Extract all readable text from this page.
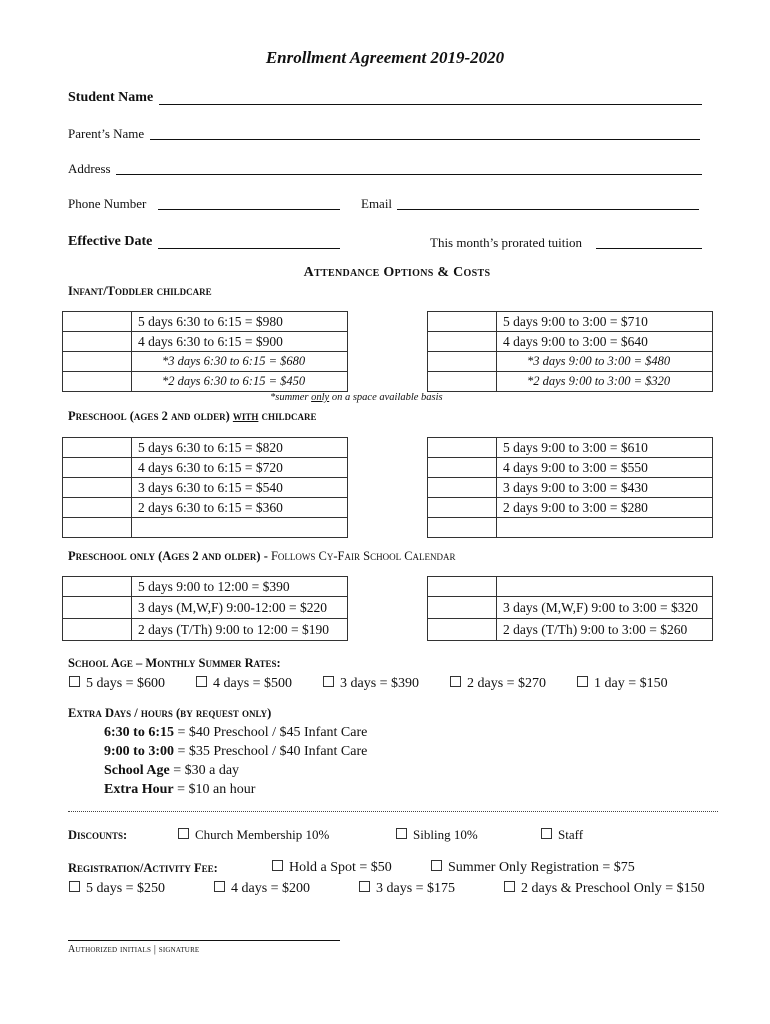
Enrollment Agreement 2019-2020
Student Name
Parent’s Name
Address
Phone Number	Email
Effective Date	This month’s prorated tuition
Attendance Options & Costs
Infant/Toddler childcare
	5 days 6:30 to 6:15 = $980
	4 days 6:30 to 6:15 = $900
	*3 days 6:30 to 6:15 = $680
	*2 days 6:30 to 6:15 = $450
	5 days 9:00 to 3:00 = $710
	4 days 9:00 to 3:00 = $640
	*3 days 9:00 to 3:00 = $480
	*2 days 9:00 to 3:00 = $320
*summer only on a space available basis
Preschool (ages 2 and older) with childcare
	5 days 6:30 to 6:15 = $820
	4 days 6:30 to 6:15 = $720
	3 days 6:30 to 6:15 = $540
	2 days 6:30 to 6:15 = $360

	5 days 9:00 to 3:00 = $610
	4 days 9:00 to 3:00 = $550
	3 days 9:00 to 3:00 = $430
	2 days 9:00 to 3:00 = $280

Preschool only (Ages 2 and older) - Follows Cy-Fair School Calendar
	5 days 9:00 to 12:00 = $390
	3 days (M,W,F) 9:00-12:00 = $220
	2 days (T/Th) 9:00 to 12:00 = $190

	3 days (M,W,F) 9:00 to 3:00 = $320
	2 days (T/Th) 9:00 to 3:00 = $260
School Age – Monthly Summer Rates:
5 days = $600	4 days = $500	3 days = $390	2 days = $270	1 day = $150
Extra Days / hours (by request only)
6:30 to 6:15 = $40 Preschool / $45 Infant Care
9:00 to 3:00 = $35 Preschool / $40 Infant Care
School Age = $30 a day
Extra Hour = $10 an hour
Discounts:	Church Membership 10%	Sibling 10%	Staff
Registration/Activity Fee:	Hold a Spot = $50	Summer Only Registration = $75
5 days = $250	4 days = $200	3 days = $175	2 days & Preschool Only = $150
Authorized initials | signature
